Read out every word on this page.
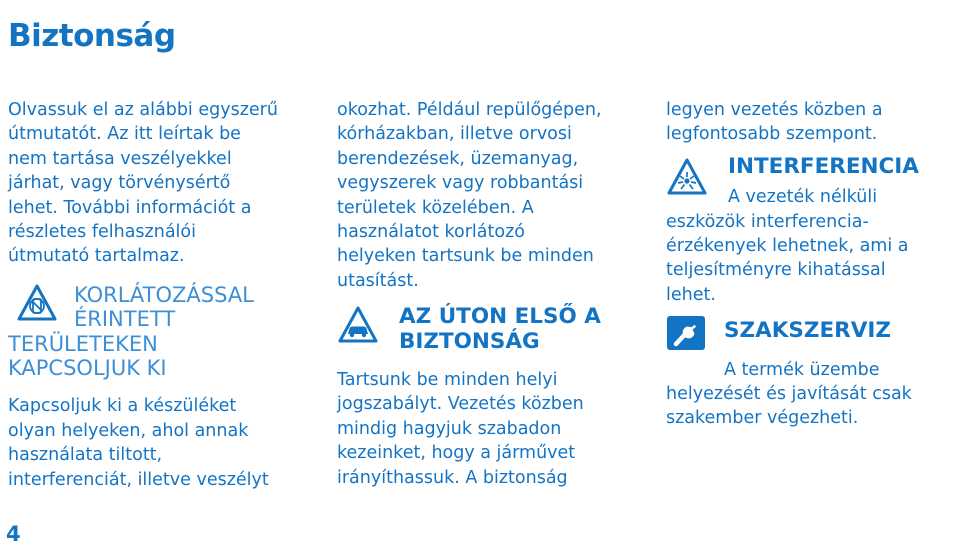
Biztonság
Olvassuk el az alábbi egyszerű
útmutatót. Az itt leírtak be
nem tartása veszélyekkel
járhat, vagy törvénysértő
lehet. További információt a
részletes felhasználói
útmutató tartalmaz.
KORLÁTOZÁSSAL
ÉRINTETT
TERÜLETEKEN
KAPCSOLJUK KI
Kapcsoljuk ki a készüléket
olyan helyeken, ahol annak
használata tiltott,
interferenciát, illetve veszélyt
okozhat. Például repülőgépen,
kórházakban, illetve orvosi
berendezések, üzemanyag,
vegyszerek vagy robbantási
területek közelében. A
használatot korlátozó
helyeken tartsunk be minden
utasítást.
AZ ÚTON ELSŐ A
BIZTONSÁG
Tartsunk be minden helyi
jogszabályt. Vezetés közben
mindig hagyjuk szabadon
kezeinket, hogy a járművet
irányíthassuk. A biztonság
legyen vezetés közben a
legfontosabb szempont.
INTERFERENCIA
A vezeték nélküli
eszközök interferencia-
érzékenyek lehetnek, ami a
teljesítményre kihatással
lehet.
SZAKSZERVIZ
A termék üzembe
helyezését és javítását csak
szakember végezheti.
4
